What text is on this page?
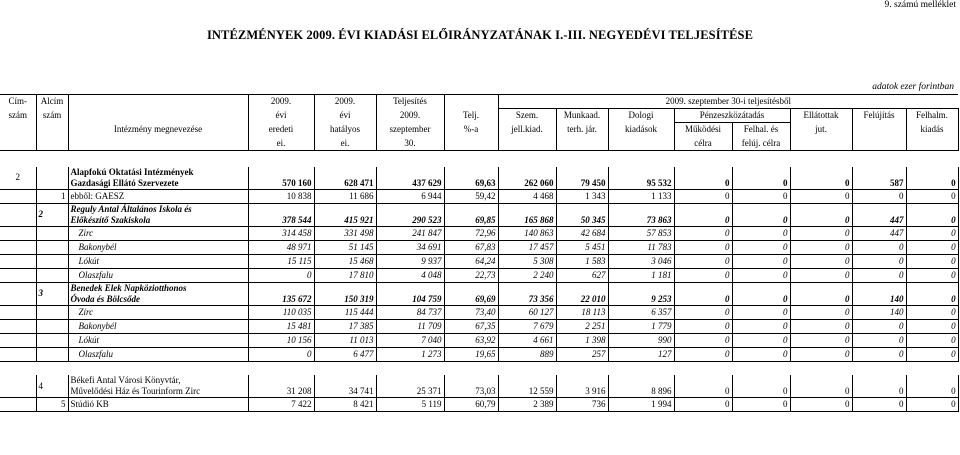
9. számú melléklet
INTÉZMÉNYEK 2009. ÉVI KIADÁSI ELŐIRÁNYZATÁNAK I.-III. NEGYEDÉVI TELJESÍTÉSE
adatok ezer forintban
Cím-	Alcím		2009.	2009.	Teljesítés		2009. szeptember 30-i teljesítésből								
szám	szám		évi	évi	2009.	Telj.	Szem.	Munkaad.	Dologi	Pénzeszközátadás		Ellátottak	Felújítás	Felhalm.	
		Intézmény megnevezése	eredeti	hatályos	szeptember	%-a	jell.kiad.	terh. jár.	kiadások	Működési	Felhal. és	jut.		kiadás	
			ei.	ei.	30.					célra	felúj. célra				

2		Alapfokú Oktatási Intézmények
Gazdasági Ellátó Szervezete	570 160	628 471	437 629	69,63	262 060	79 450	95 532	0	0	0	587	0	
	1	ebből: GAESZ	10 838	11 686	6 944	59,42	4 468	1 343	1 133	0	0	0	0	0	
	2	Reguly Antal Általános Iskola és
Előkészítő Szakiskola	378 544	415 921	290 523	69,85	165 868	50 345	73 863	0	0	0	447	0	

		Zirc	314 458	331 498	241 847	72,96	140 863	42 684	57 853	0	0	0	447	0	

		Bakonybél	48 971	51 145	34 691	67,83	17 457	5 451	11 783	0	0	0	0	0	

		Lókút	15 115	15 468	9 937	64,24	5 308	1 583	3 046	0	0	0	0	0	

		Olaszfalu	0	17 810	4 048	22,73	2 240	627	1 181	0	0	0	0	0	
	3	Benedek Elek Napköziotthonos
Óvoda és Bölcsőde	135 672	150 319	104 759	69,69	73 356	22 010	9 253	0	0	0	140	0	

		Zirc	110 035	115 444	84 737	73,40	60 127	18 113	6 357	0	0	0	140	0	

		Bakonybél	15 481	17 385	11 709	67,35	7 679	2 251	1 779	0	0	0	0	0	

		Lókút	10 156	11 013	7 040	63,92	4 661	1 398	990	0	0	0	0	0	

		Olaszfalu	0	6 477	1 273	19,65	889	257	127	0	0	0	0	0	

	4	Békefi Antal Városi Könyvtár,
Művelődési Ház és Tourinform Zirc	31 208	34 741	25 371	73,03	12 559	3 916	8 896	0	0	0	0	0	
	5	Stúdió KB	7 422	8 421	5 119	60,79	2 389	736	1 994	0	0	0	0	0	
